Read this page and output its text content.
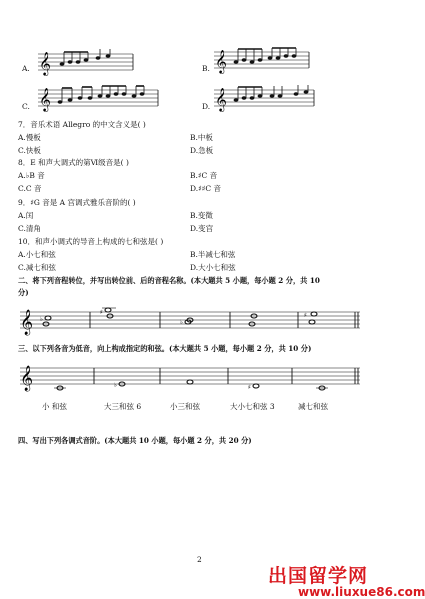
A. 𝄞	B. 𝄞
C. 𝄞	D. 𝄞
7．音乐术语 Allegro 的中文含义是( )
A.慢板	B.中板
C.快板	D.急板
8．E 和声大调式的第Ⅵ级音是( )
A.♭B 音	B.♯C 音
C.C 音	D.♯♯C 音
9．♯G 音是 A 宫调式雅乐音阶的( )
A.闰	B.变徵
C.清角	D.变宫
10．和声小调式的导音上构成的七和弦是( )
A.小七和弦	B.半减七和弦
C.减七和弦	D.大小七和弦
二、将下列音程转位，并写出转位前、后的音程名称。(本大题共 5 小题，每小题 2 分，共 10
分)
𝄞 ♭
♯
♭
♯
三、以下列各音为低音，向上构成指定的和弦。(本大题共 5 小题，每小题 2 分，共 10 分)
𝄞	♭	♯
小 和弦	大三和弦 6	小三和弦	大小七和弦 3	减七和弦
四、写出下列各调式音阶。(本大题共 10 小题，每小题 2 分，共 20 分)
2
出国留学网
www.liuxue86.com
